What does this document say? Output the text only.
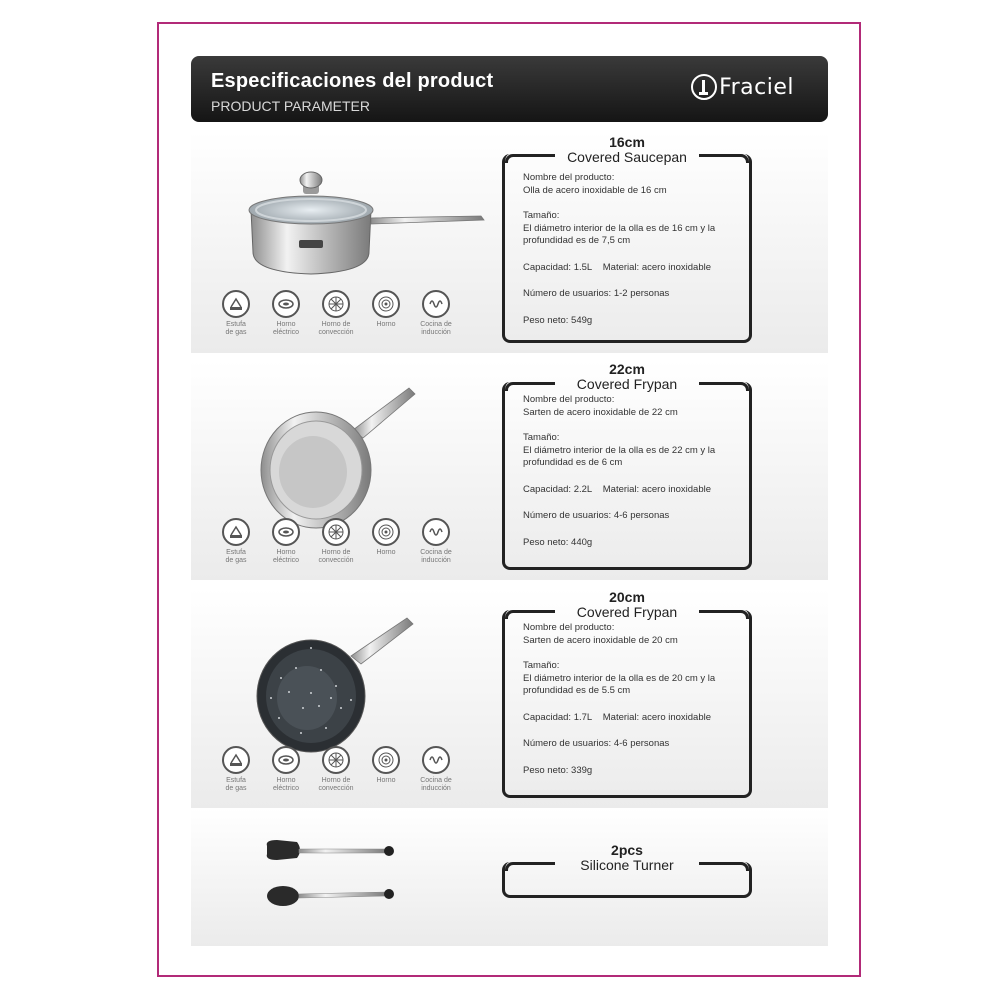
Especificaciones del product
PRODUCT PARAMETER
Fraciel
Estufa
de gas
Horno
eléctrico
Horno de
convección
Horno	Cocina de
inducción
16cm
Covered Saucepan
Nombre del producto:
Olla de acero inoxidable de 16 cm
Tamaño:
El diámetro interior de la olla es de 16 cm y la
profundidad es de 7,5 cm
Capacidad: 1.5L Material: acero inoxidable
Número de usuarios: 1-2 personas
Peso neto: 549g
Estufa
de gas
Horno
eléctrico
Horno de
convección
Horno	Cocina de
inducción
22cm
Covered Frypan
Nombre del producto:
Sarten de acero inoxidable de 22 cm
Tamaño:
El diámetro interior de la olla es de 22 cm y la
profundidad es de 6 cm
Capacidad: 2.2L Material: acero inoxidable
Número de usuarios: 4-6 personas
Peso neto: 440g
Estufa
de gas
Horno
eléctrico
Horno de
convección
Horno	Cocina de
inducción
20cm
Covered Frypan
Nombre del producto:
Sarten de acero inoxidable de 20 cm
Tamaño:
El diámetro interior de la olla es de 20 cm y la
profundidad es de 5.5 cm
Capacidad: 1.7L Material: acero inoxidable
Número de usuarios: 4-6 personas
Peso neto: 339g
2pcs
Silicone Turner
